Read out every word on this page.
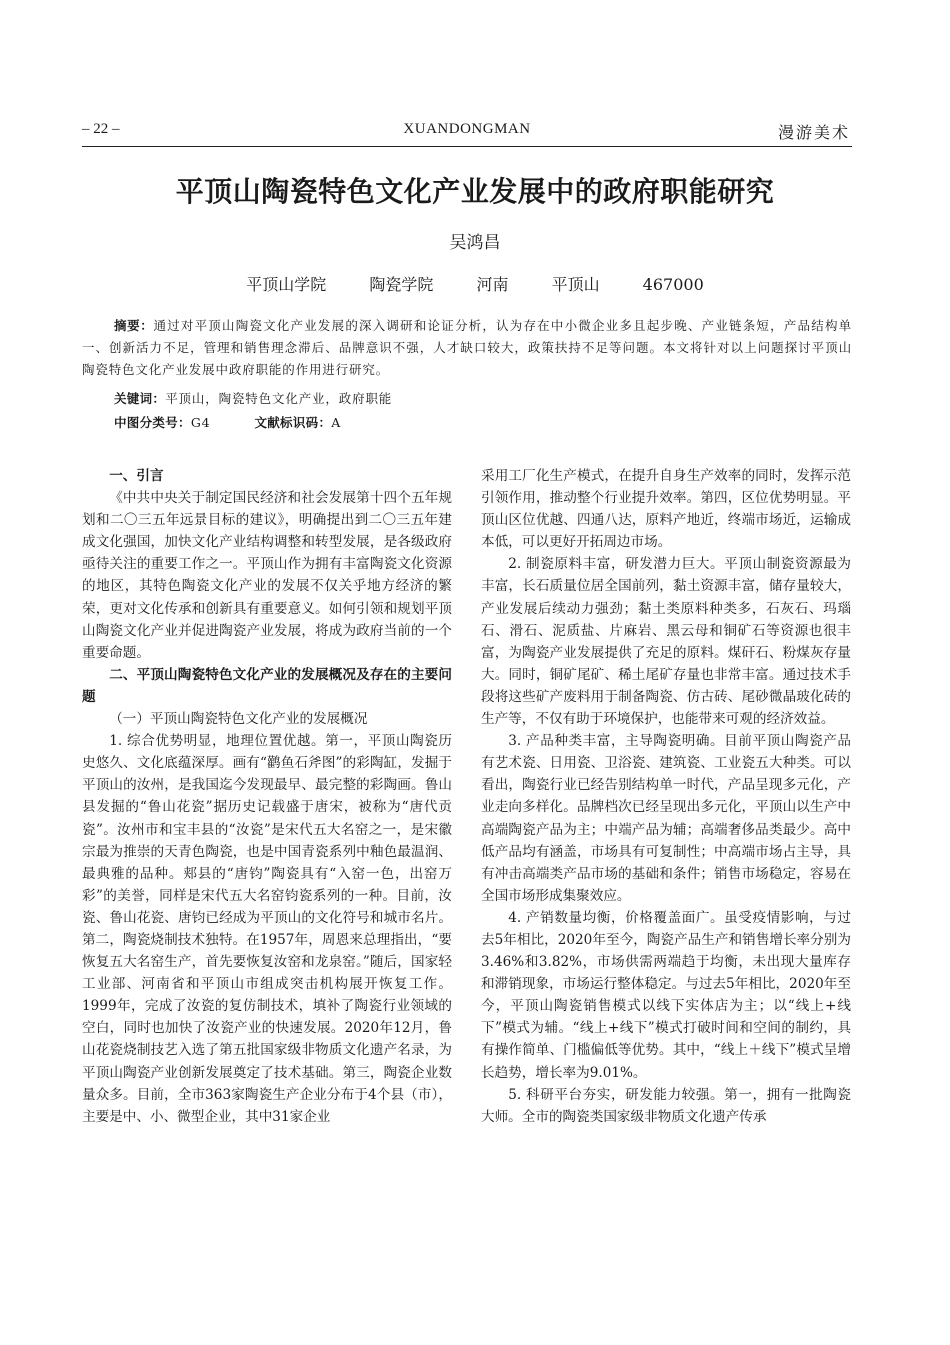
– 22 –	XUANDONGMAN	漫游美术
平顶山陶瓷特色文化产业发展中的政府职能研究
吴鸿昌
平顶山学院	陶瓷学院	河南	平顶山	467000
摘要：通过对平顶山陶瓷文化产业发展的深入调研和论证分析，认为存在中小微企业多且起步晚、产业链条短，产品结构单一、创新活力不足，管理和销售理念滞后、品牌意识不强，人才缺口较大，政策扶持不足等问题。本文将针对以上问题探讨平顶山陶瓷特色文化产业发展中政府职能的作用进行研究。
关键词：平顶山，陶瓷特色文化产业，政府职能
中图分类号：G4	文献标识码：A
一、引言

《中共中央关于制定国民经济和社会发展第十四个五年规划和二〇三五年远景目标的建议》，明确提出到二〇三五年建成文化强国，加快文化产业结构调整和转型发展，是各级政府亟待关注的重要工作之一。平顶山作为拥有丰富陶瓷文化资源的地区，其特色陶瓷文化产业的发展不仅关乎地方经济的繁荣，更对文化传承和创新具有重要意义。如何引领和规划平顶山陶瓷文化产业并促进陶瓷产业发展，将成为政府当前的一个重要命题。

二、平顶山陶瓷特色文化产业的发展概况及存在的主要问题

（一）平顶山陶瓷特色文化产业的发展概况

1. 综合优势明显，地理位置优越。第一，平顶山陶瓷历史悠久、文化底蕴深厚。画有“鹳鱼石斧图”的彩陶缸，发掘于平顶山的汝州，是我国迄今发现最早、最完整的彩陶画。鲁山县发掘的“鲁山花瓷”据历史记载盛于唐宋，被称为“唐代贡瓷”。汝州市和宝丰县的“汝瓷”是宋代五大名窑之一，是宋徽宗最为推崇的天青色陶瓷，也是中国青瓷系列中釉色最温润、最典雅的品种。郏县的“唐钧”陶瓷具有“入窑一色，出窑万彩”的美誉，同样是宋代五大名窑钧瓷系列的一种。目前，汝瓷、鲁山花瓷、唐钧已经成为平顶山的文化符号和城市名片。第二，陶瓷烧制技术独特。在1957年，周恩来总理指出，“要恢复五大名窑生产，首先要恢复汝窑和龙泉窑。”随后，国家轻工业部、河南省和平顶山市组成突击机构展开恢复工作。1999年，完成了汝瓷的复仿制技术，填补了陶瓷行业领域的空白，同时也加快了汝瓷产业的快速发展。2020年12月，鲁山花瓷烧制技艺入选了第五批国家级非物质文化遗产名录，为平顶山陶瓷产业创新发展奠定了技术基础。第三，陶瓷企业数量众多。目前，全市363家陶瓷生产企业分布于4个县（市），主要是中、小、微型企业，其中31家企业

采用工厂化生产模式，在提升自身生产效率的同时，发挥示范引领作用，推动整个行业提升效率。第四，区位优势明显。平顶山区位优越、四通八达，原料产地近，终端市场近，运输成本低，可以更好开拓周边市场。

2. 制瓷原料丰富，研发潜力巨大。平顶山制瓷资源最为丰富，长石质量位居全国前列，黏土资源丰富，储存量较大，产业发展后续动力强劲；黏土类原料种类多，石灰石、玛瑙石、滑石、泥质盐、片麻岩、黑云母和铜矿石等资源也很丰富，为陶瓷产业发展提供了充足的原料。煤矸石、粉煤灰存量大。同时，铜矿尾矿、稀土尾矿存量也非常丰富。通过技术手段将这些矿产废料用于制备陶瓷、仿古砖、尾砂微晶玻化砖的生产等，不仅有助于环境保护，也能带来可观的经济效益。

3. 产品种类丰富，主导陶瓷明确。目前平顶山陶瓷产品有艺术瓷、日用瓷、卫浴瓷、建筑瓷、工业瓷五大种类。可以看出，陶瓷行业已经告别结构单一时代，产品呈现多元化，产业走向多样化。品牌档次已经呈现出多元化，平顶山以生产中高端陶瓷产品为主；中端产品为辅；高端奢侈品类最少。高中低产品均有涵盖，市场具有可复制性；中高端市场占主导，具有冲击高端类产品市场的基础和条件；销售市场稳定，容易在全国市场形成集聚效应。

4. 产销数量均衡，价格覆盖面广。虽受疫情影响，与过去5年相比，2020年至今，陶瓷产品生产和销售增长率分别为3.46%和3.82%，市场供需两端趋于均衡，未出现大量库存和滞销现象，市场运行整体稳定。与过去5年相比，2020年至今，平顶山陶瓷销售模式以线下实体店为主；以“线上+线下”模式为辅。“线上+线下”模式打破时间和空间的制约，具有操作简单、门槛偏低等优势。其中，“线上＋线下”模式呈增长趋势，增长率为9.01%。

5. 科研平台夯实，研发能力较强。第一，拥有一批陶瓷大师。全市的陶瓷类国家级非物质文化遗产传承
